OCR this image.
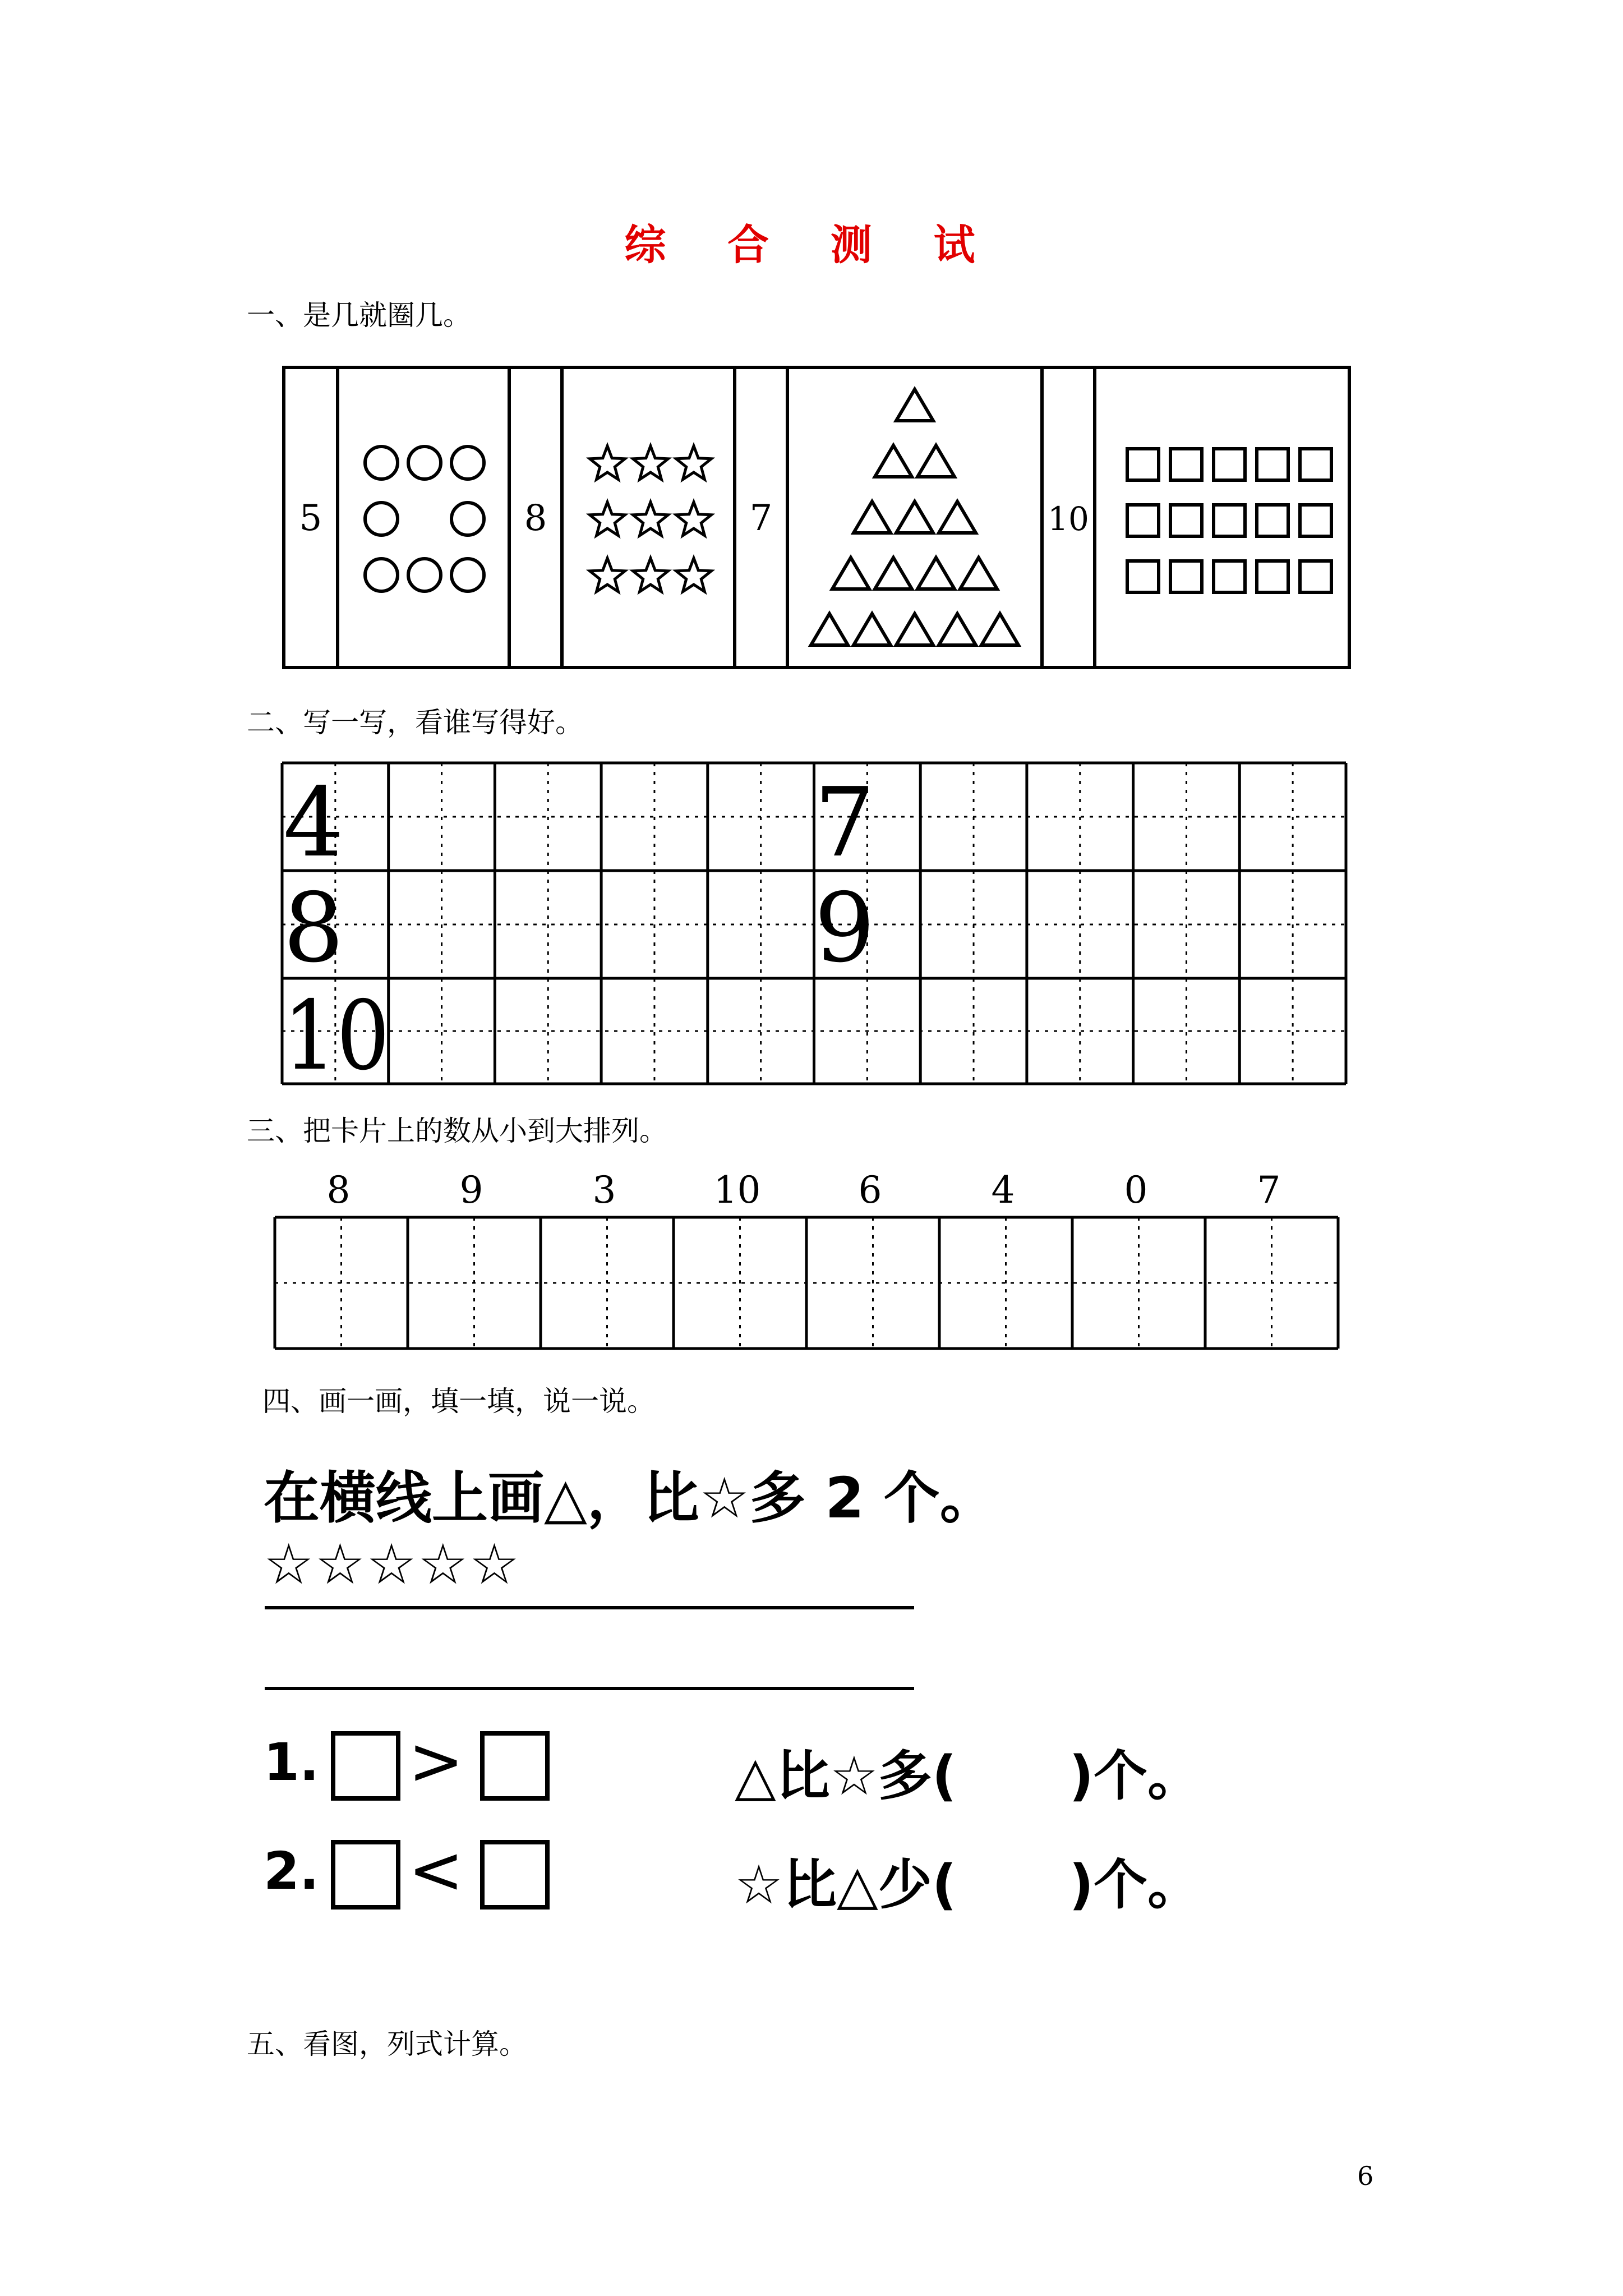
综 合 测 试
一、是几就圈几。
5	8	7	10
二、写一写，看谁写得好。
4	7
8	9
10
三、把卡片上的数从小到大排列。
8	9	3	10	6	4	0	7
四、画一画，填一填，说一说。
在横线上画△，比☆多 2 个。
☆☆☆☆☆
1. >	△比☆多(      )个。
2. <	☆比△少(      )个。
五、看图，列式计算。
6
